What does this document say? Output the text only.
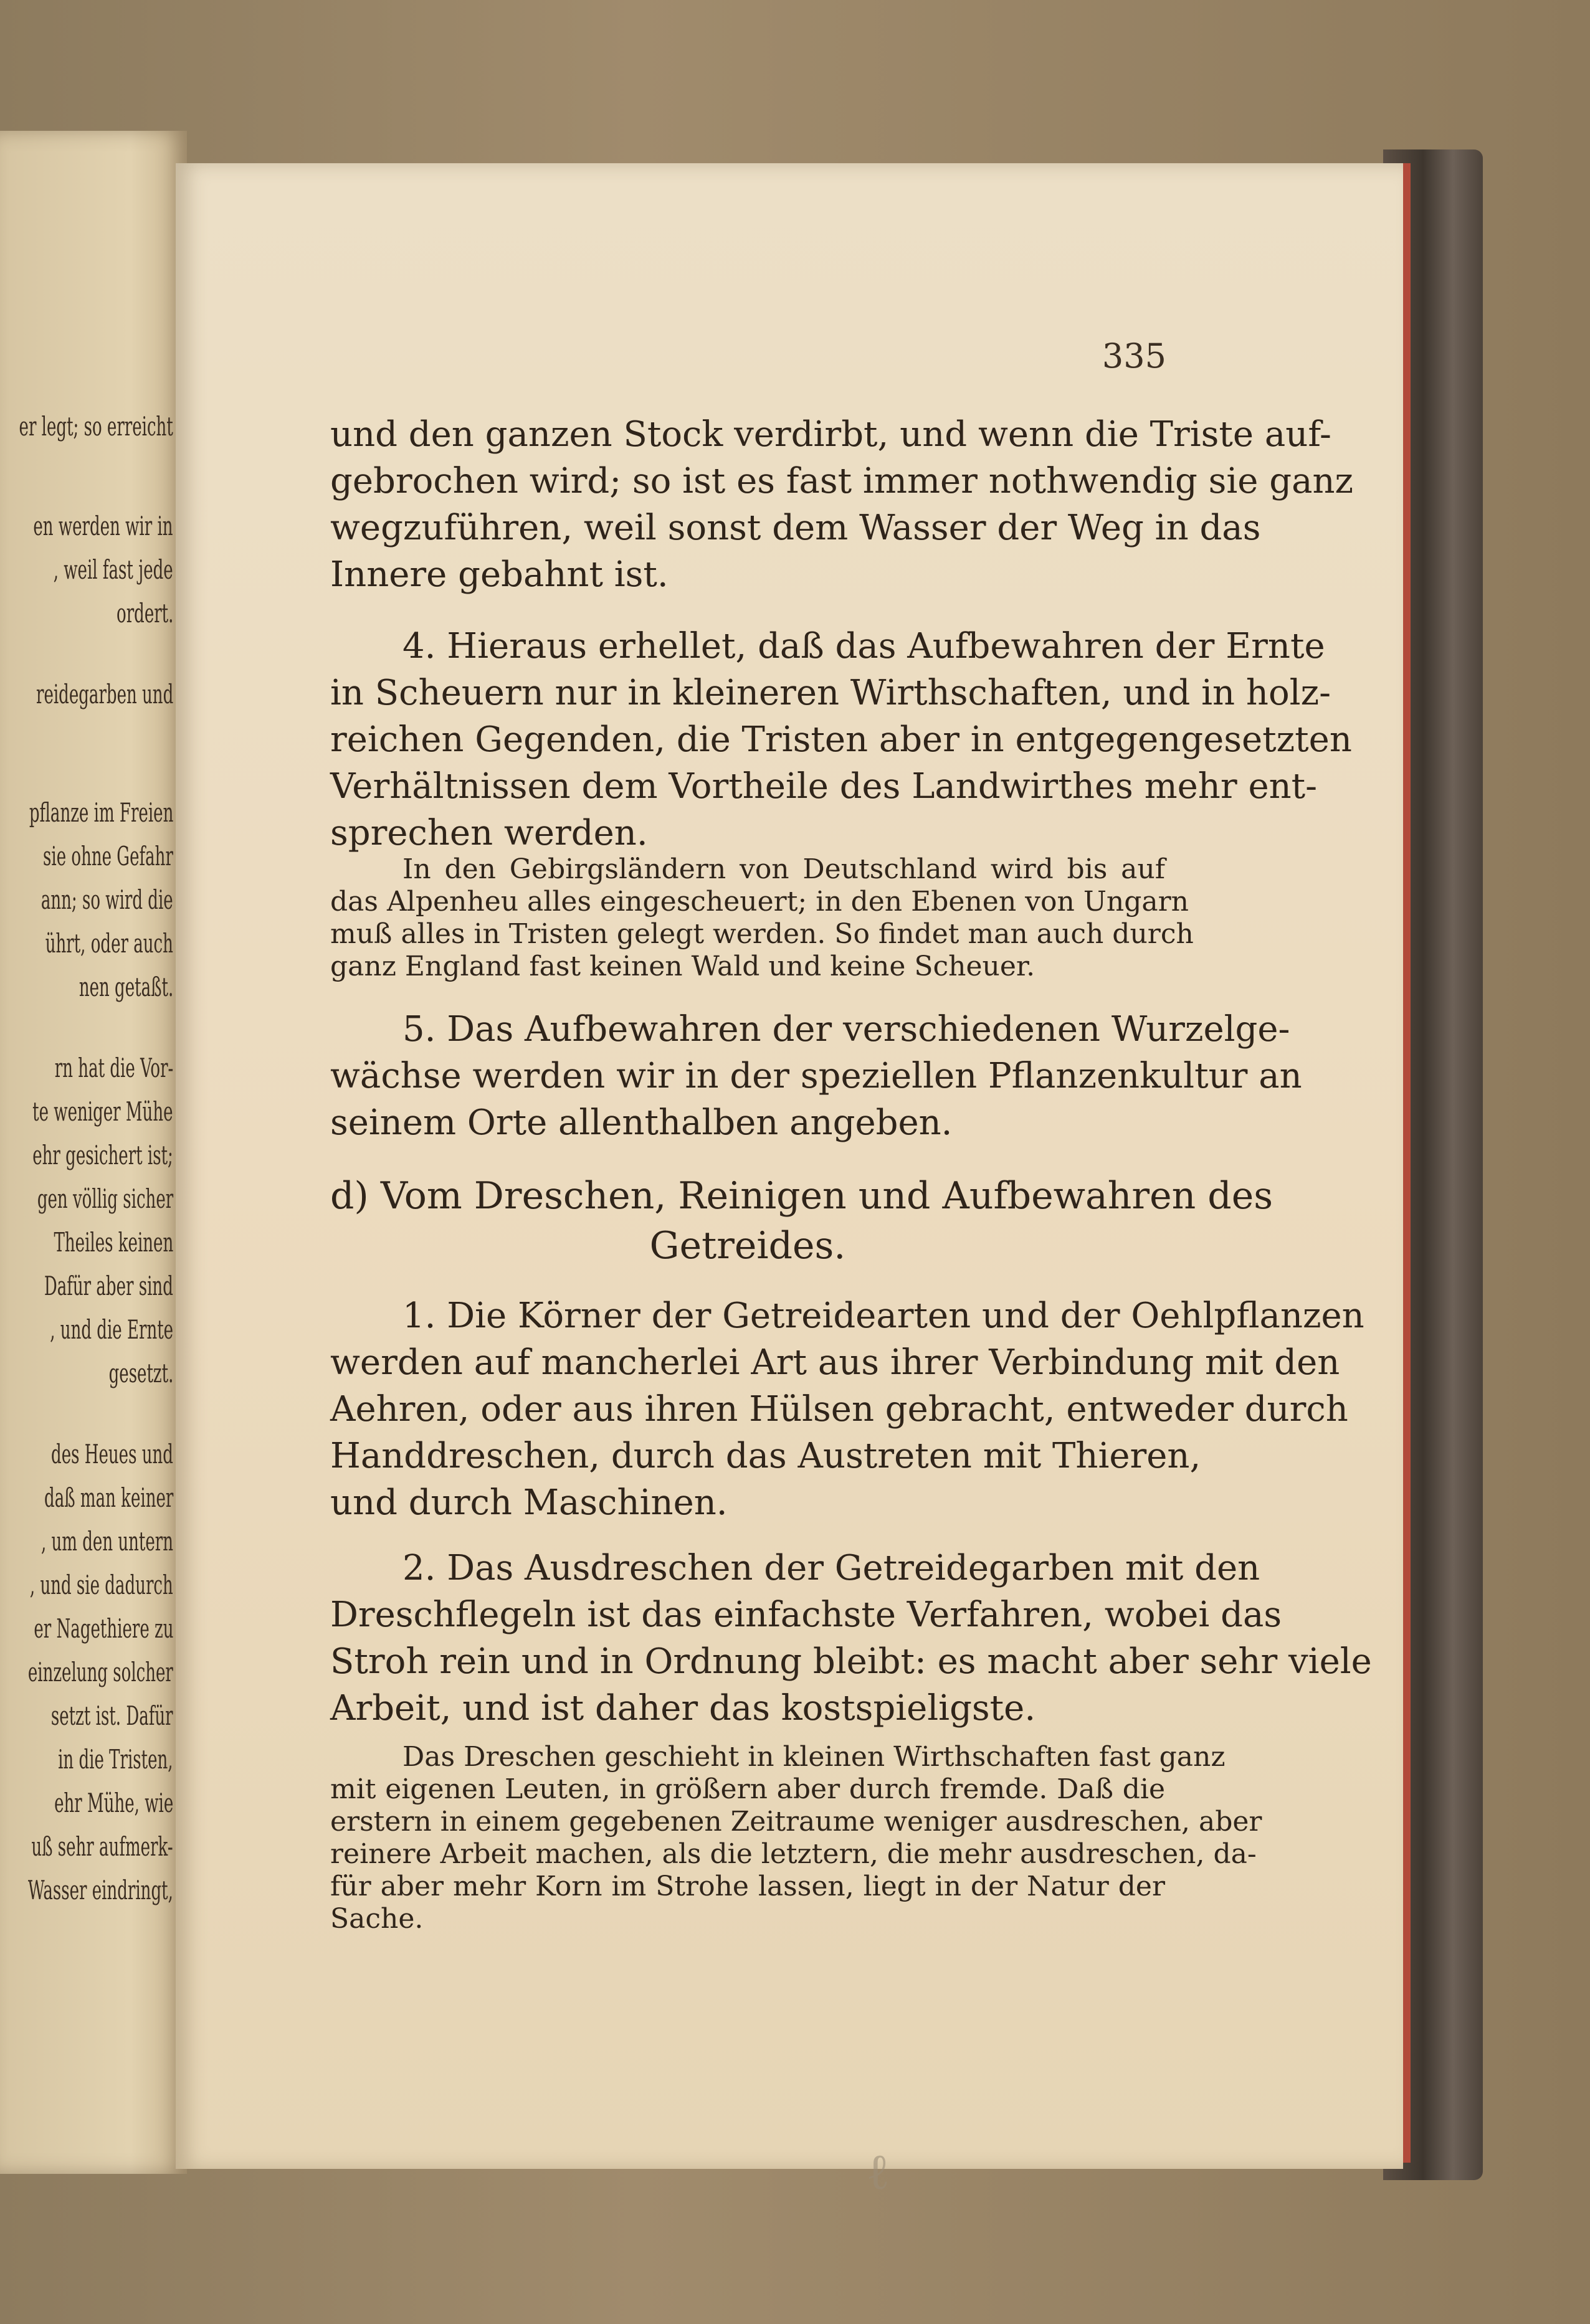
er legt; so erreicht
en werden wir in
, weil fast jede
ordert.
reidegarben und
pflanze im Freien
sie ohne Gefahr
ann; so wird die
ührt, oder auch
nen getaßt.
rn hat die Vor-
te weniger Mühe
ehr gesichert ist;
gen völlig sicher
Theiles keinen
Dafür aber sind
, und die Ernte
gesetzt.
des Heues und
daß man keiner
, um den untern
, und sie dadurch
er Nagethiere zu
einzelung solcher
setzt ist. Dafür
in die Tristen,
ehr Mühe, wie
uß sehr aufmerk-
Wasser eindringt,
335
und den ganzen Stock verdirbt, und wenn die Triste auf-
gebrochen wird; so ist es fast immer nothwendig sie ganz
wegzuführen, weil sonst dem Wasser der Weg in das
Innere gebahnt ist.
4. Hieraus erhellet, daß das Aufbewahren der Ernte
in Scheuern nur in kleineren Wirthschaften, und in holz-
reichen Gegenden, die Tristen aber in entgegengesetzten
Verhältnissen dem Vortheile des Landwirthes mehr ent-
sprechen werden.
In den Gebirgsländern von Deutschland wird bis auf
das Alpenheu alles eingescheuert; in den Ebenen von Ungarn
muß alles in Tristen gelegt werden. So findet man auch durch
ganz England fast keinen Wald und keine Scheuer.
5. Das Aufbewahren der verschiedenen Wurzelge-
wächse werden wir in der speziellen Pflanzenkultur an
seinem Orte allenthalben angeben.
d) Vom Dreschen, Reinigen und Aufbewahren des
Getreides.
1. Die Körner der Getreidearten und der Oehlpflanzen
werden auf mancherlei Art aus ihrer Verbindung mit den
Aehren, oder aus ihren Hülsen gebracht, entweder durch
Handdreschen, durch das Austreten mit Thieren,
und durch Maschinen.
2. Das Ausdreschen der Getreidegarben mit den
Dreschflegeln ist das einfachste Verfahren, wobei das
Stroh rein und in Ordnung bleibt: es macht aber sehr viele
Arbeit, und ist daher das kostspieligste.
Das Dreschen geschieht in kleinen Wirthschaften fast ganz
mit eigenen Leuten, in größern aber durch fremde. Daß die
erstern in einem gegebenen Zeitraume weniger ausdreschen, aber
reinere Arbeit machen, als die letztern, die mehr ausdreschen, da-
für aber mehr Korn im Strohe lassen, liegt in der Natur der
Sache.
ℓ
